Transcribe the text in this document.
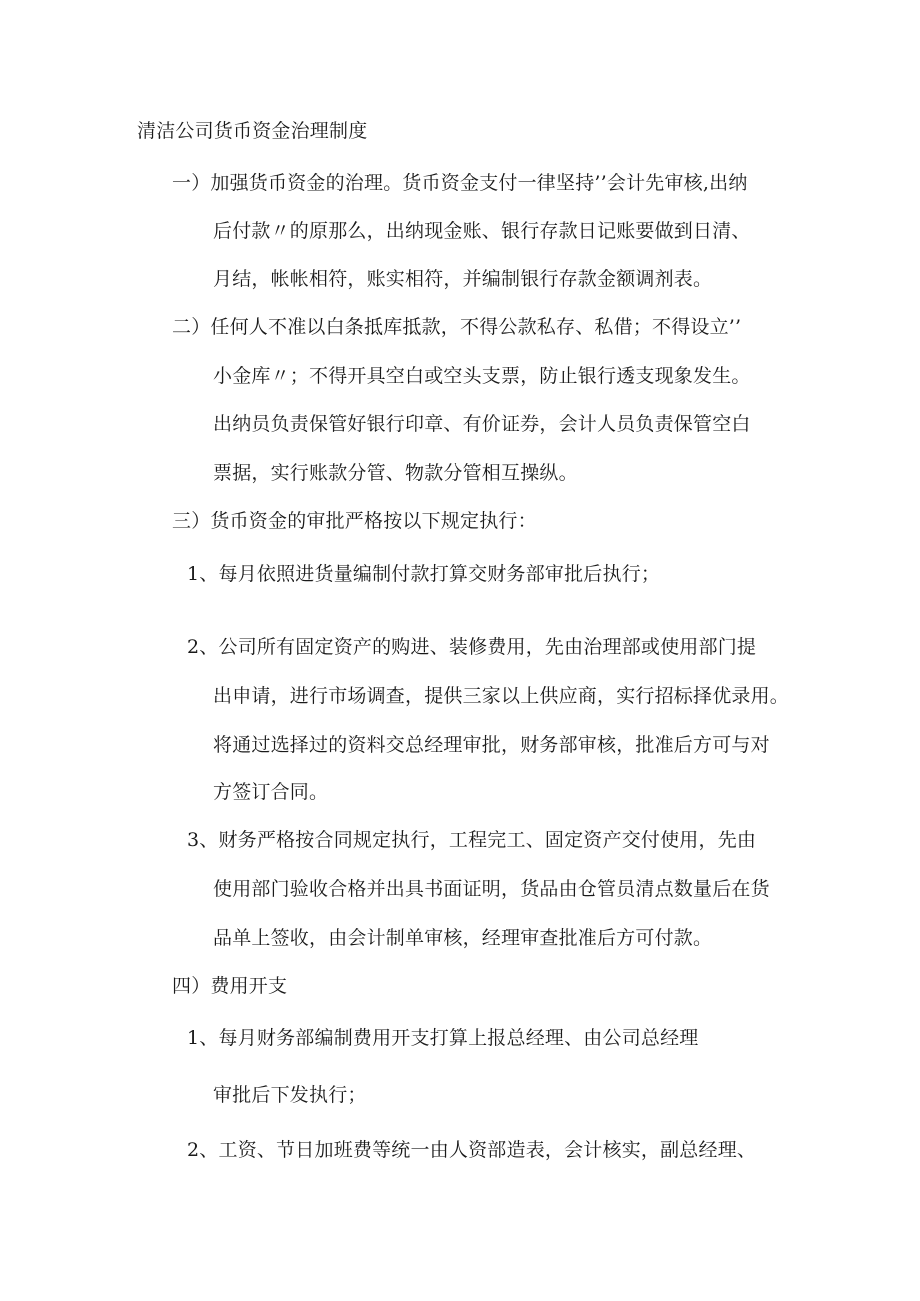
清洁公司货币资金治理制度
一）加强货币资金的治理。货币资金支付一律坚持’’会计先审核,出纳
后付款〃的原那么，出纳现金账、银行存款日记账要做到日清、
月结，帐帐相符，账实相符，并编制银行存款金额调剂表。
二）任何人不准以白条抵库抵款，不得公款私存、私借；不得设立’’
小金库〃；不得开具空白或空头支票，防止银行透支现象发生。
出纳员负责保管好银行印章、有价证券，会计人员负责保管空白
票据，实行账款分管、物款分管相互操纵。
三）货币资金的审批严格按以下规定执行：
1、每月依照进货量编制付款打算交财务部审批后执行；
2、公司所有固定资产的购进、装修费用，先由治理部或使用部门提
出申请，进行市场调查，提供三家以上供应商，实行招标择优录用。
将通过选择过的资料交总经理审批，财务部审核，批准后方可与对
方签订合同。
3、财务严格按合同规定执行，工程完工、固定资产交付使用，先由
使用部门验收合格并出具书面证明，货品由仓管员清点数量后在货
品单上签收，由会计制单审核，经理审查批准后方可付款。
四）费用开支
1、每月财务部编制费用开支打算上报总经理、由公司总经理
审批后下发执行；
2、工资、节日加班费等统一由人资部造表，会计核实，副总经理、
